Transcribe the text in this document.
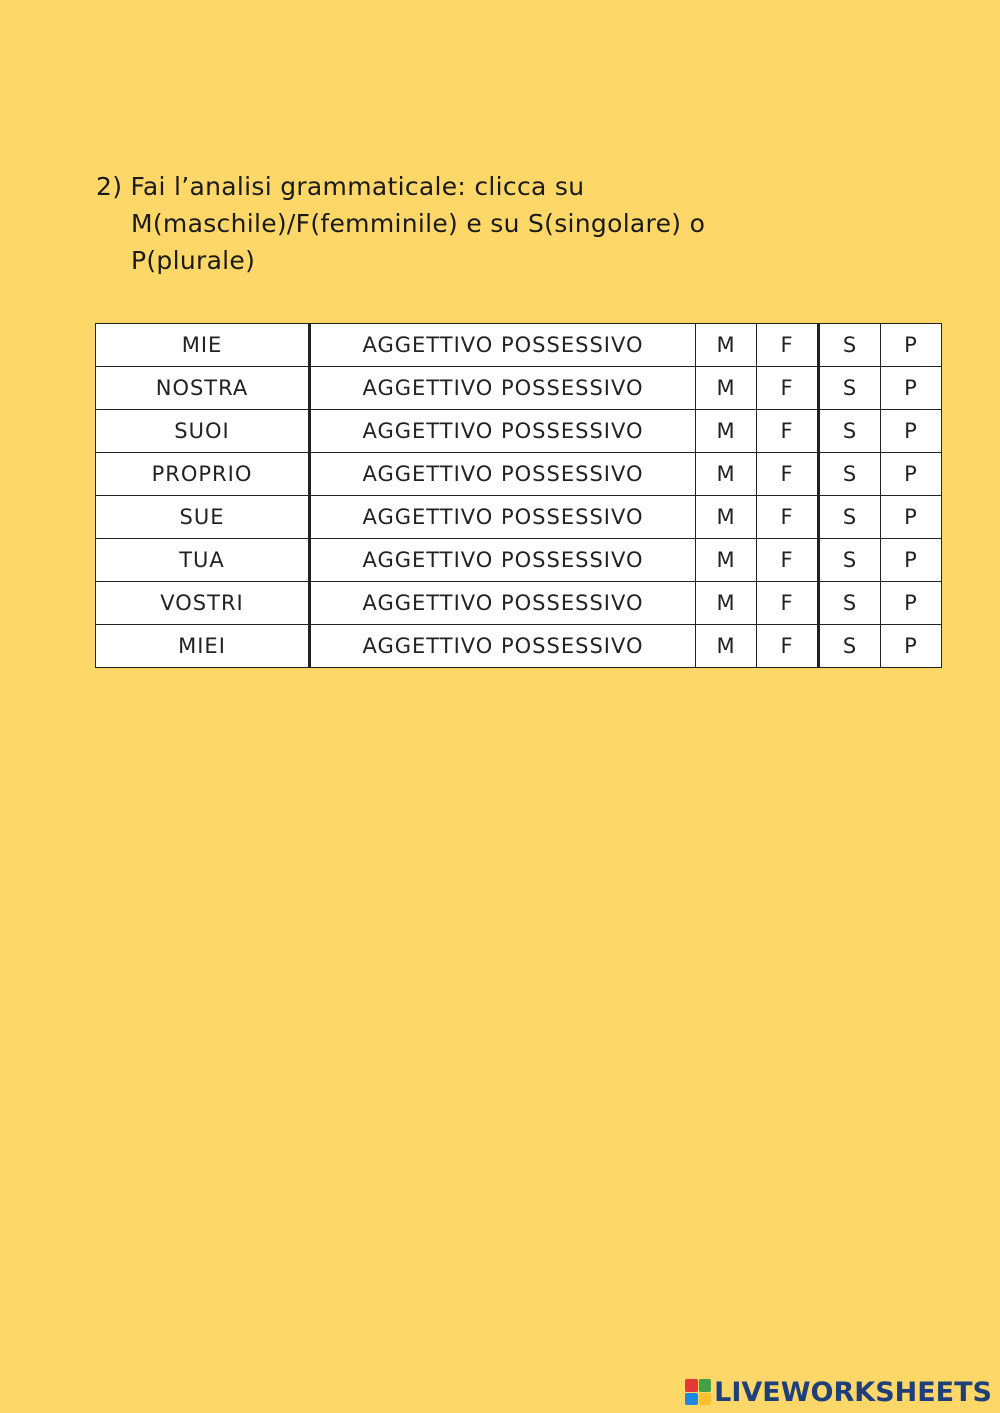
2) Fai l’analisi grammaticale: clicca su
M(maschile)/F(femminile) e su S(singolare) o
P(plurale)
MIE	AGGETTIVO POSSESSIVO	M	F	S	P
NOSTRA	AGGETTIVO POSSESSIVO	M	F	S	P
SUOI	AGGETTIVO POSSESSIVO	M	F	S	P
PROPRIO	AGGETTIVO POSSESSIVO	M	F	S	P
SUE	AGGETTIVO POSSESSIVO	M	F	S	P
TUA	AGGETTIVO POSSESSIVO	M	F	S	P
VOSTRI	AGGETTIVO POSSESSIVO	M	F	S	P
MIEI	AGGETTIVO POSSESSIVO	M	F	S	P
LIVEWORKSHEETS
